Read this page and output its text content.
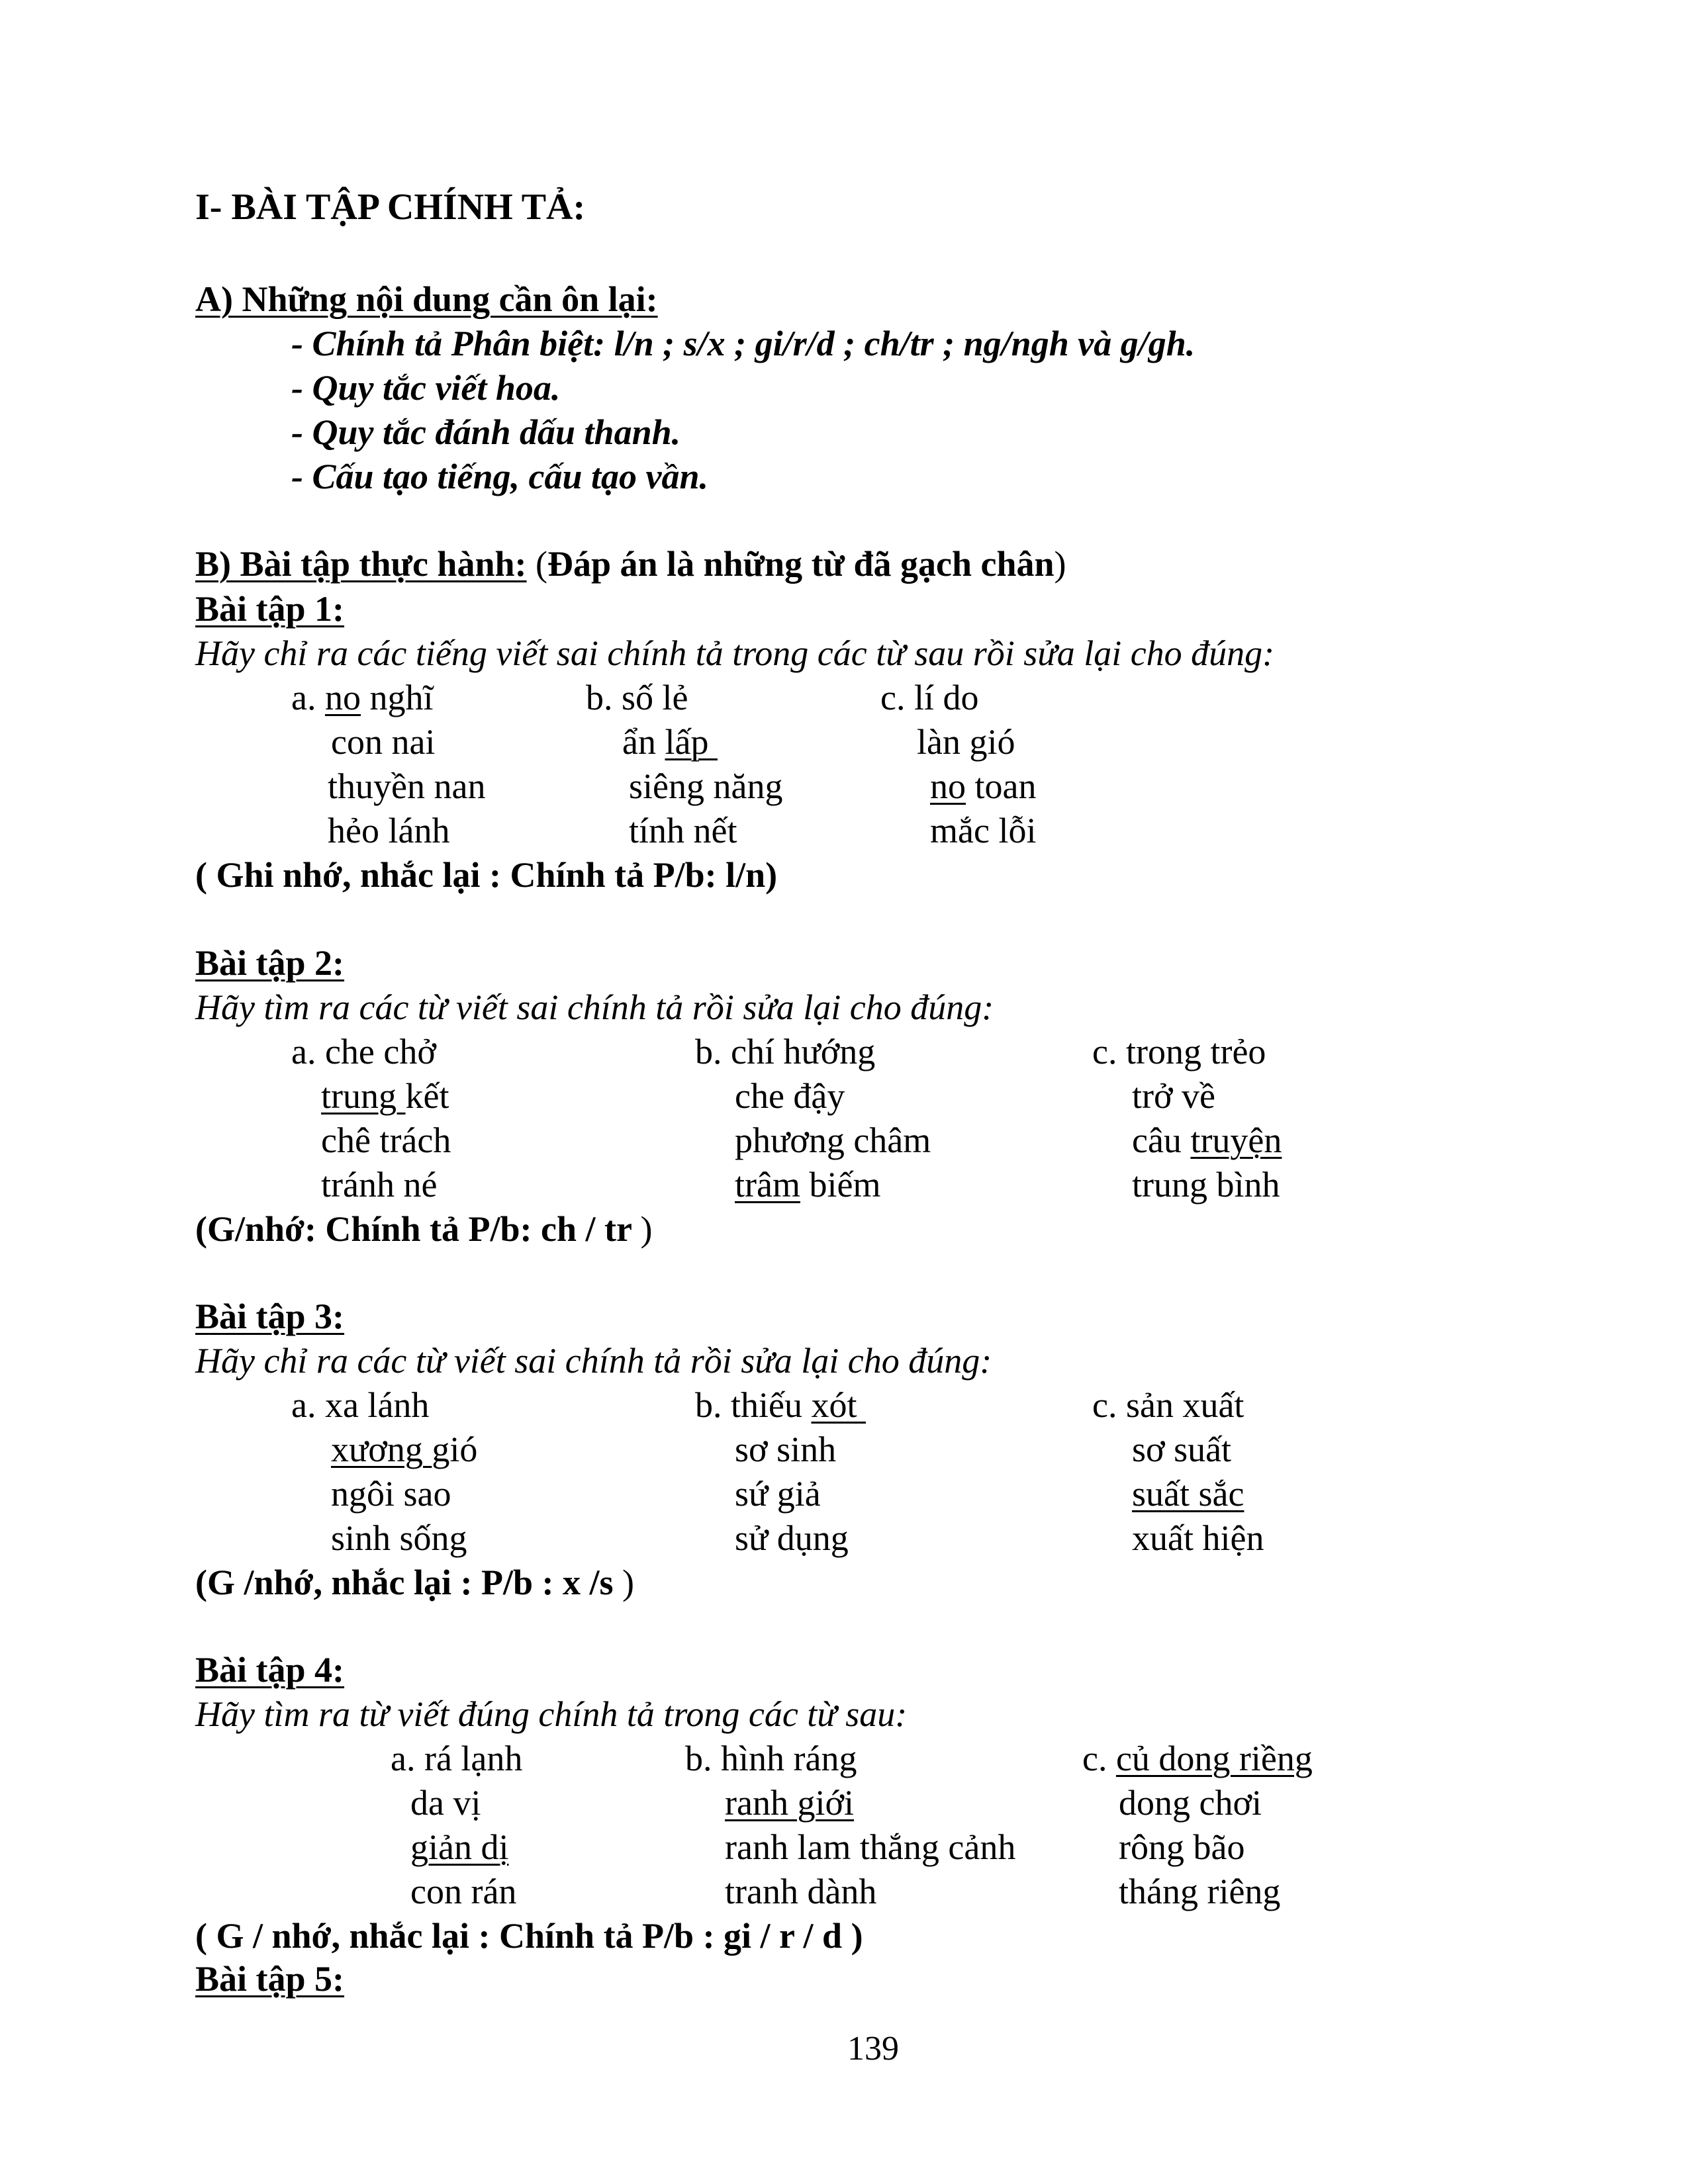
I- BÀI TẬP CHÍNH TẢ:
A) Những nội dung cần ôn lại:
- Chính tả Phân biệt: l/n ; s/x ; gi/r/d ; ch/tr ; ng/ngh và g/gh.
- Quy tắc viết hoa.
- Quy tắc đánh dấu thanh.
- Cấu tạo tiếng, cấu tạo vần.
B) Bài tập thực hành: (Đáp án là những từ đã gạch chân)
Bài tập 1:
Hãy chỉ ra các tiếng viết sai chính tả trong các từ sau rồi sửa lại cho đúng:
a. no nghĩ
con nai
thuyền nan
hẻo lánh
b. số lẻ
ẩn lấp
siêng năng
tính nết
c. lí do
làn gió
no toan
mắc lỗi
( Ghi nhớ, nhắc lại : Chính tả P/b: l/n)
Bài tập 2:
Hãy tìm ra các từ viết sai chính tả rồi sửa lại cho đúng:
a. che chở
trung kết
chê trách
tránh né
b. chí hướng
che đậy
phương châm
trâm biếm
c. trong trẻo
trở về
câu truyện
trung bình
(G/nhớ: Chính tả P/b: ch / tr )
Bài tập 3:
Hãy chỉ ra các từ viết sai chính tả rồi sửa lại cho đúng:
a. xa lánh
xương gió
ngôi sao
sinh sống
b. thiếu xót
sơ sinh
sứ giả
sử dụng
c. sản xuất
sơ suất
suất sắc
xuất hiện
(G /nhớ, nhắc lại : P/b : x /s )
Bài tập 4:
Hãy tìm ra từ viết đúng chính tả trong các từ sau:
a. rá lạnh
da vị
giản dị
con rán
b. hình ráng
ranh giới
ranh lam thắng cảnh
tranh dành
c. củ dong riềng
dong chơi
rông bão
tháng riêng
( G / nhớ, nhắc lại : Chính tả P/b : gi / r / d )
Bài tập 5:
139
